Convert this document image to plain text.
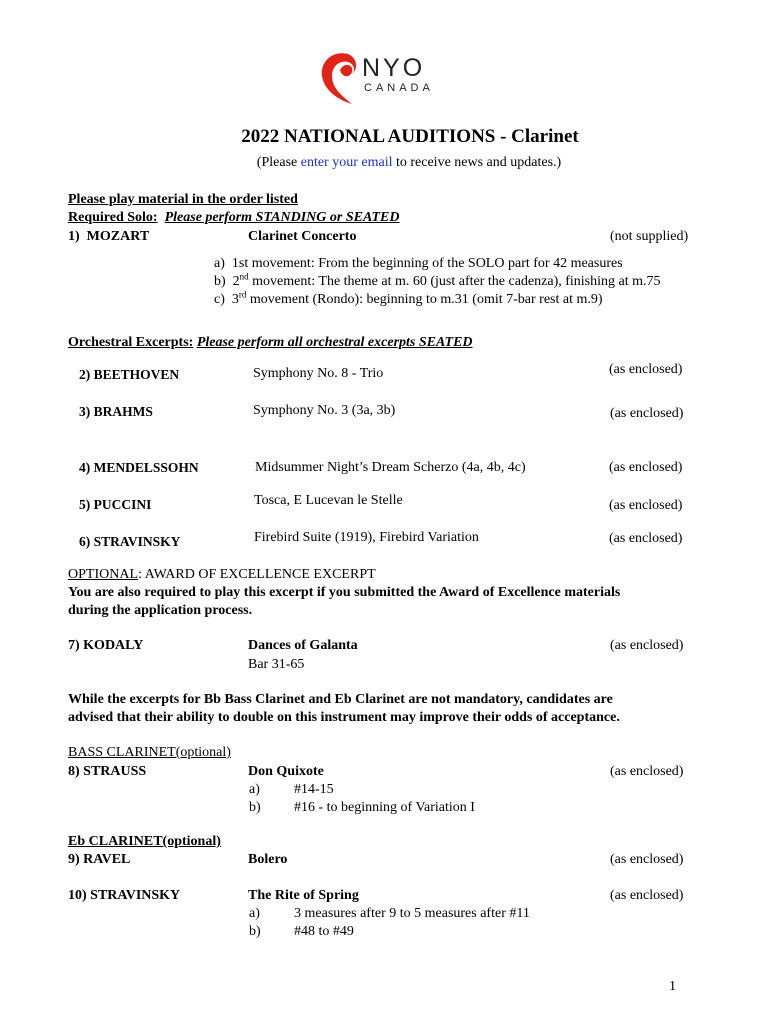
NYO
CANADA
2022 NATIONAL AUDITIONS - Clarinet
(Please enter your email to receive news and updates.)
Please play material in the order listed
Required Solo: Please perform STANDING or SEATED
1) MOZART	Clarinet Concerto	(not supplied)
a) 1st movement: From the beginning of the SOLO part for 42 measures
b) 2nd movement: The theme at m. 60 (just after the cadenza), finishing at m.75
c) 3rd movement (Rondo): beginning to m.31 (omit 7-bar rest at m.9)
Orchestral Excerpts: Please perform all orchestral excerpts SEATED
2) BEETHOVEN	Symphony No. 8 - Trio	(as enclosed)
3) BRAHMS	Symphony No. 3 (3a, 3b)	(as enclosed)
4) MENDELSSOHN	Midsummer Night’s Dream Scherzo (4a, 4b, 4c)	(as enclosed)
5) PUCCINI	Tosca, E Lucevan le Stelle	(as enclosed)
6) STRAVINSKY	Firebird Suite (1919), Firebird Variation	(as enclosed)
OPTIONAL: AWARD OF EXCELLENCE EXCERPT
You are also required to play this excerpt if you submitted the Award of Excellence materials
during the application process.
7) KODALY	Dances of Galanta	(as enclosed)
Bar 31-65
While the excerpts for Bb Bass Clarinet and Eb Clarinet are not mandatory, candidates are
advised that their ability to double on this instrument may improve their odds of acceptance.
BASS CLARINET(optional)
8) STRAUSS	Don Quixote	(as enclosed)
a) #14-15
b) #16 - to beginning of Variation I
Eb CLARINET(optional)
9) RAVEL	Bolero	(as enclosed)
10) STRAVINSKY	The Rite of Spring	(as enclosed)
a) 3 measures after 9 to 5 measures after #11
b) #48 to #49
1
